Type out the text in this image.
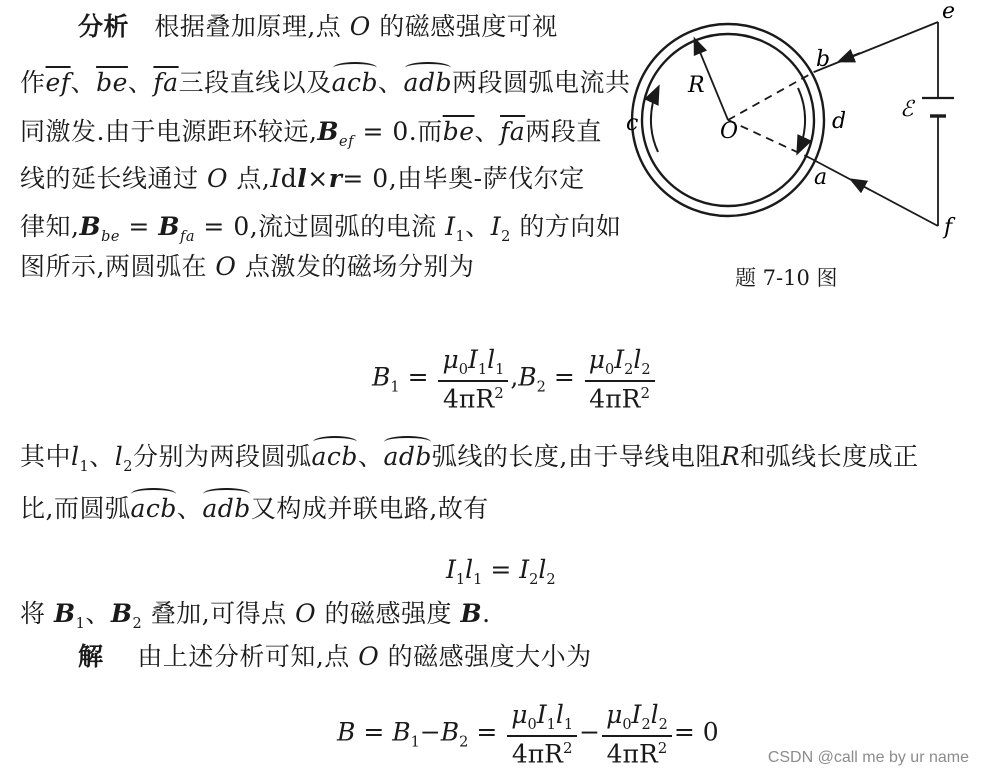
分析 根据叠加原理,点 O 的磁感强度可视
作$\overline{ef}$、$\overline{be}$、$\overline{fa}$三段直线以及acb、adb两段圆弧电流共
同激发.由于电源距环较远$,B_{ef} = 0$.而$\overline{be}$、$\overline{fa}$两段直
线的延长线通过 O 点,Idl×r= 0,由毕奥-萨伐尔定
律知$,B_{be} = B_{fa} = 0$,流过圆弧的电流 $I_1$、$I_2$ 的方向如
图所示,两圆弧在 O 点激发的磁场分别为
e
b
R
c	O	d
a
f
ℰ
题 7-10 图
$B_1 = \frac{\mu_0I_1l_1}{4\pi R^2} ,B_2 = \frac{\mu_0I_2l_2}{4\pi R^2}$
其中$l_1$、$l_2$分别为两段圆弧acb、adb弧线的长度,由于导线电阻R和弧线长度成正
比,而圆弧acb、adb又构成并联电路,故有
$I_1l_1 = I_2l_2$
将 $B_1$、$B_2$ 叠加,可得点 O 的磁感强度 B.
解 由上述分析可知,点 O 的磁感强度大小为
$B = B_1-B_2 = \frac{\mu_0I_1l_1}{4\pi R^2} - \frac{\mu_0I_2l_2}{4\pi R^2} = 0$
CSDN @call me by ur name
